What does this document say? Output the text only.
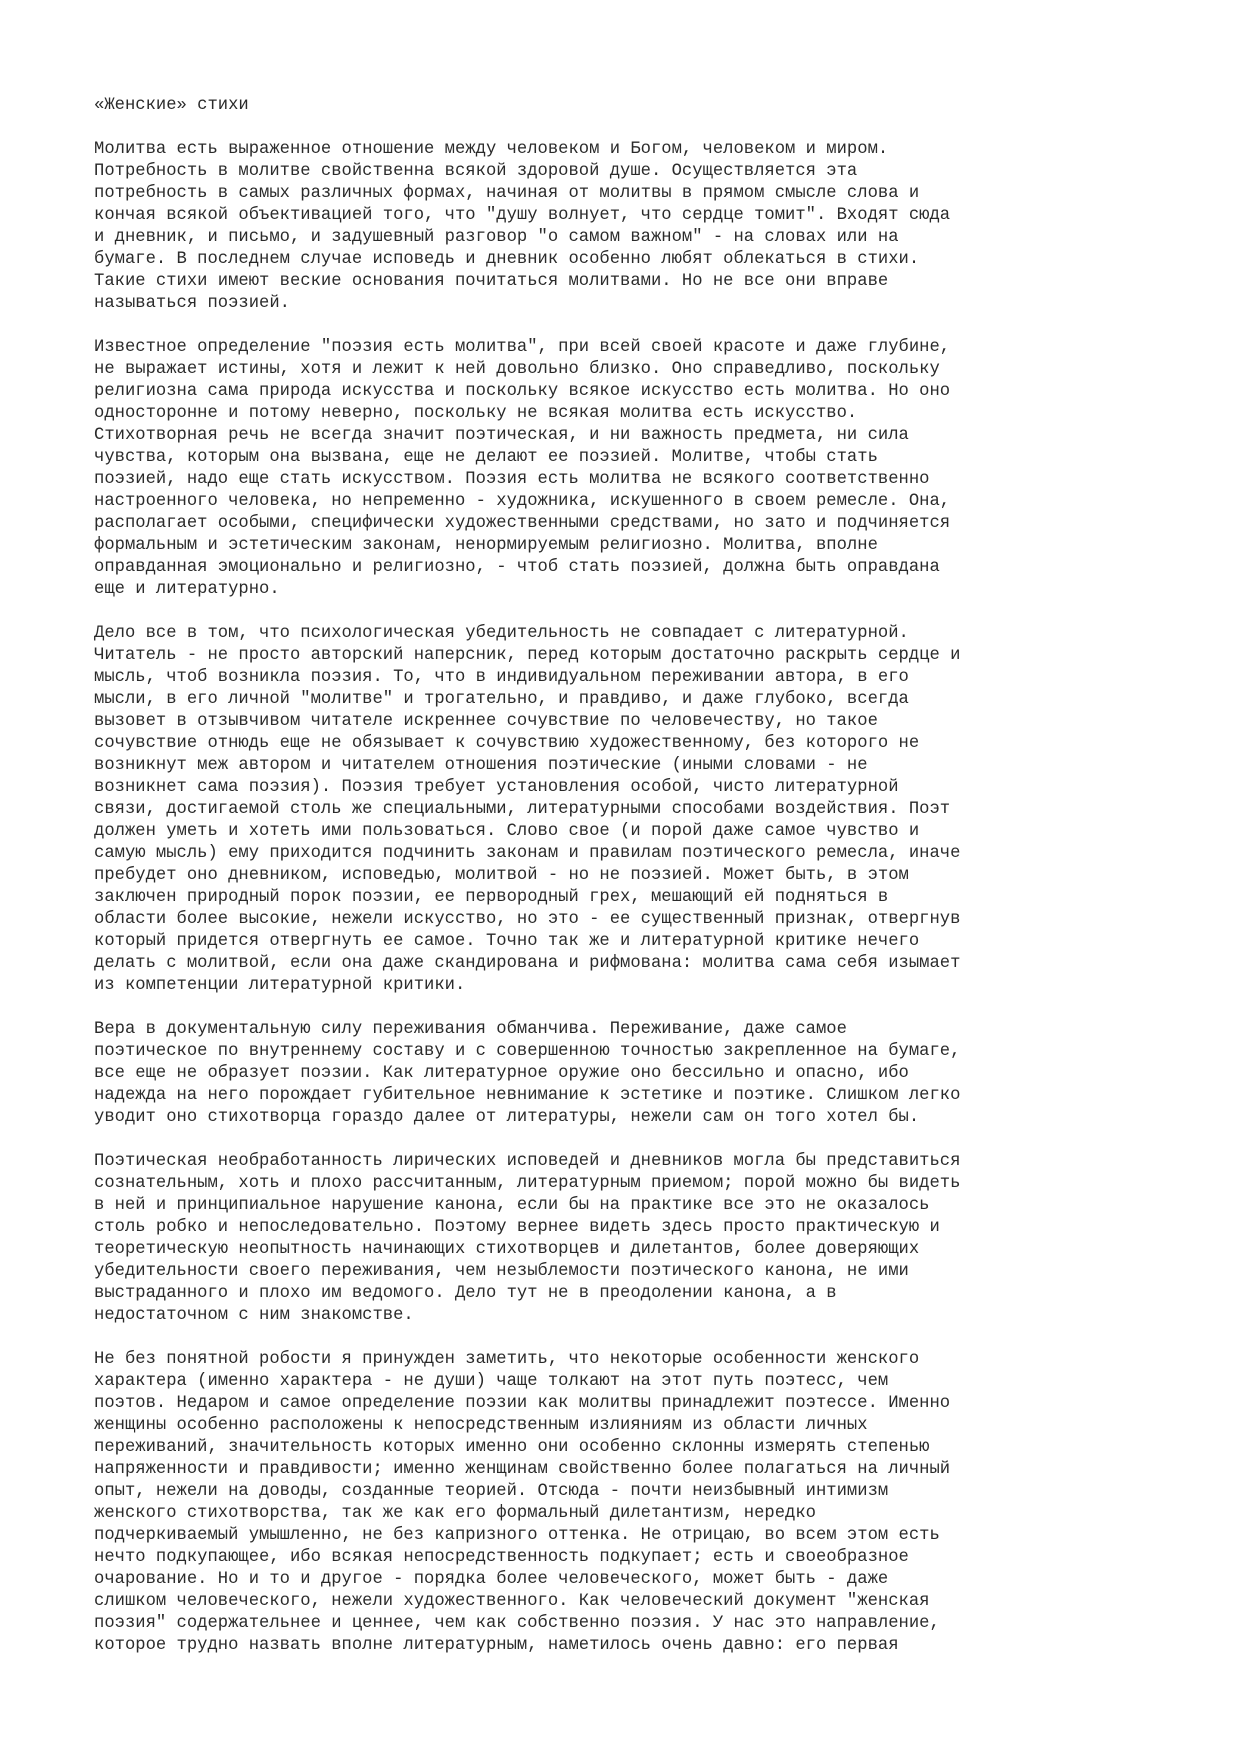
«Женские» стихи
Молитва есть выраженное отношение между человеком и Богом, человеком и миром.
Потребность в молитве свойственна всякой здоровой душе. Осуществляется эта
потребность в самых различных формах, начиная от молитвы в прямом смысле слова и
кончая всякой объективацией того, что "душу волнует, что сердце томит". Входят сюда
и дневник, и письмо, и задушевный разговор "о самом важном" - на словах или на
бумаге. В последнем случае исповедь и дневник особенно любят облекаться в стихи.
Такие стихи имеют веские основания почитаться молитвами. Но не все они вправе
называться поэзией.
Известное определение "поэзия есть молитва", при всей своей красоте и даже глубине,
не выражает истины, хотя и лежит к ней довольно близко. Оно справедливо, поскольку
религиозна сама природа искусства и поскольку всякое искусство есть молитва. Но оно
односторонне и потому неверно, поскольку не всякая молитва есть искусство.
Стихотворная речь не всегда значит поэтическая, и ни важность предмета, ни сила
чувства, которым она вызвана, еще не делают ее поэзией. Молитве, чтобы стать
поэзией, надо еще стать искусством. Поэзия есть молитва не всякого соответственно
настроенного человека, но непременно - художника, искушенного в своем ремесле. Она,
располагает особыми, специфически художественными средствами, но зато и подчиняется
формальным и эстетическим законам, ненормируемым религиозно. Молитва, вполне
оправданная эмоционально и религиозно, - чтоб стать поэзией, должна быть оправдана
еще и литературно.
Дело все в том, что психологическая убедительность не совпадает с литературной.
Читатель - не просто авторский наперсник, перед которым достаточно раскрыть сердце и
мысль, чтоб возникла поэзия. То, что в индивидуальном переживании автора, в его
мысли, в его личной "молитве" и трогательно, и правдиво, и даже глубоко, всегда
вызовет в отзывчивом читателе искреннее сочувствие по человечеству, но такое
сочувствие отнюдь еще не обязывает к сочувствию художественному, без которого не
возникнут меж автором и читателем отношения поэтические (иными словами - не
возникнет сама поэзия). Поэзия требует установления особой, чисто литературной
связи, достигаемой столь же специальными, литературными способами воздействия. Поэт
должен уметь и хотеть ими пользоваться. Слово свое (и порой даже самое чувство и
самую мысль) ему приходится подчинить законам и правилам поэтического ремесла, иначе
пребудет оно дневником, исповедью, молитвой - но не поэзией. Может быть, в этом
заключен природный порок поэзии, ее первородный грех, мешающий ей подняться в
области более высокие, нежели искусство, но это - ее существенный признак, отвергнув
который придется отвергнуть ее самое. Точно так же и литературной критике нечего
делать с молитвой, если она даже скандирована и рифмована: молитва сама себя изымает
из компетенции литературной критики.
Вера в документальную силу переживания обманчива. Переживание, даже самое
поэтическое по внутреннему составу и с совершенною точностью закрепленное на бумаге,
все еще не образует поэзии. Как литературное оружие оно бессильно и опасно, ибо
надежда на него порождает губительное невнимание к эстетике и поэтике. Слишком легко
уводит оно стихотворца гораздо далее от литературы, нежели сам он того хотел бы.
Поэтическая необработанность лирических исповедей и дневников могла бы представиться
сознательным, хоть и плохо рассчитанным, литературным приемом; порой можно бы видеть
в ней и принципиальное нарушение канона, если бы на практике все это не оказалось
столь робко и непоследовательно. Поэтому вернее видеть здесь просто практическую и
теоретическую неопытность начинающих стихотворцев и дилетантов, более доверяющих
убедительности своего переживания, чем незыблемости поэтического канона, не ими
выстраданного и плохо им ведомого. Дело тут не в преодолении канона, а в
недостаточном с ним знакомстве.
Не без понятной робости я принужден заметить, что некоторые особенности женского
характера (именно характера - не души) чаще толкают на этот путь поэтесс, чем
поэтов. Недаром и самое определение поэзии как молитвы принадлежит поэтессе. Именно
женщины особенно расположены к непосредственным излияниям из области личных
переживаний, значительность которых именно они особенно склонны измерять степенью
напряженности и правдивости; именно женщинам свойственно более полагаться на личный
опыт, нежели на доводы, созданные теорией. Отсюда - почти неизбывный интимизм
женского стихотворства, так же как его формальный дилетантизм, нередко
подчеркиваемый умышленно, не без капризного оттенка. Не отрицаю, во всем этом есть
нечто подкупающее, ибо всякая непосредственность подкупает; есть и своеобразное
очарование. Но и то и другое - порядка более человеческого, может быть - даже
слишком человеческого, нежели художественного. Как человеческий документ "женская
поэзия" содержательнее и ценнее, чем как собственно поэзия. У нас это направление,
которое трудно назвать вполне литературным, наметилось очень давно: его первая
